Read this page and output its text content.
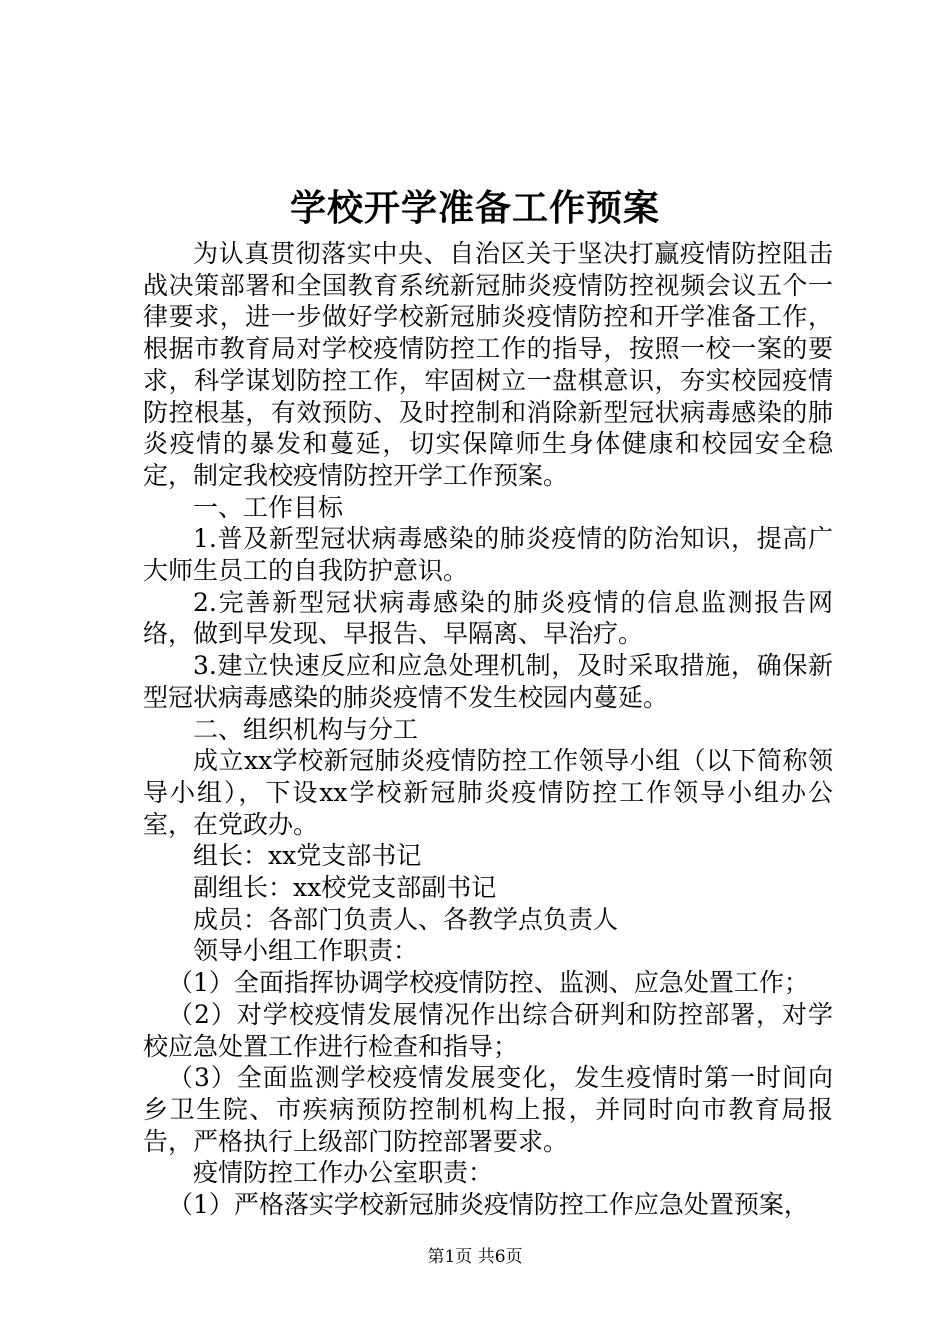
学校开学准备工作预案

为认真贯彻落实中央、自治区关于坚决打赢疫情防控阻击战决策部署和全国教育系统新冠肺炎疫情防控视频会议五个一律要求，进一步做好学校新冠肺炎疫情防控和开学准备工作，根据市教育局对学校疫情防控工作的指导，按照一校一案的要求，科学谋划防控工作，牢固树立一盘棋意识，夯实校园疫情防控根基，有效预防、及时控制和消除新型冠状病毒感染的肺炎疫情的暴发和蔓延，切实保障师生身体健康和校园安全稳定，制定我校疫情防控开学工作预案。

一、工作目标

1.普及新型冠状病毒感染的肺炎疫情的防治知识，提高广大师生员工的自我防护意识。

2.完善新型冠状病毒感染的肺炎疫情的信息监测报告网络，做到早发现、早报告、早隔离、早治疗。

3.建立快速反应和应急处理机制，及时采取措施，确保新型冠状病毒感染的肺炎疫情不发生校园内蔓延。

二、组织机构与分工

成立xx学校新冠肺炎疫情防控工作领导小组（以下简称领导小组），下设xx学校新冠肺炎疫情防控工作领导小组办公室，在党政办。

组长：xx党支部书记

副组长：xx校党支部副书记

成员：各部门负责人、各教学点负责人

领导小组工作职责：

（1）全面指挥协调学校疫情防控、监测、应急处置工作；

（2）对学校疫情发展情况作出综合研判和防控部署，对学校应急处置工作进行检查和指导；

（3）全面监测学校疫情发展变化，发生疫情时第一时间向乡卫生院、市疾病预防控制机构上报，并同时向市教育局报告，严格执行上级部门防控部署要求。

疫情防控工作办公室职责：

（1）严格落实学校新冠肺炎疫情防控工作应急处置预案，

第1页 共6页
